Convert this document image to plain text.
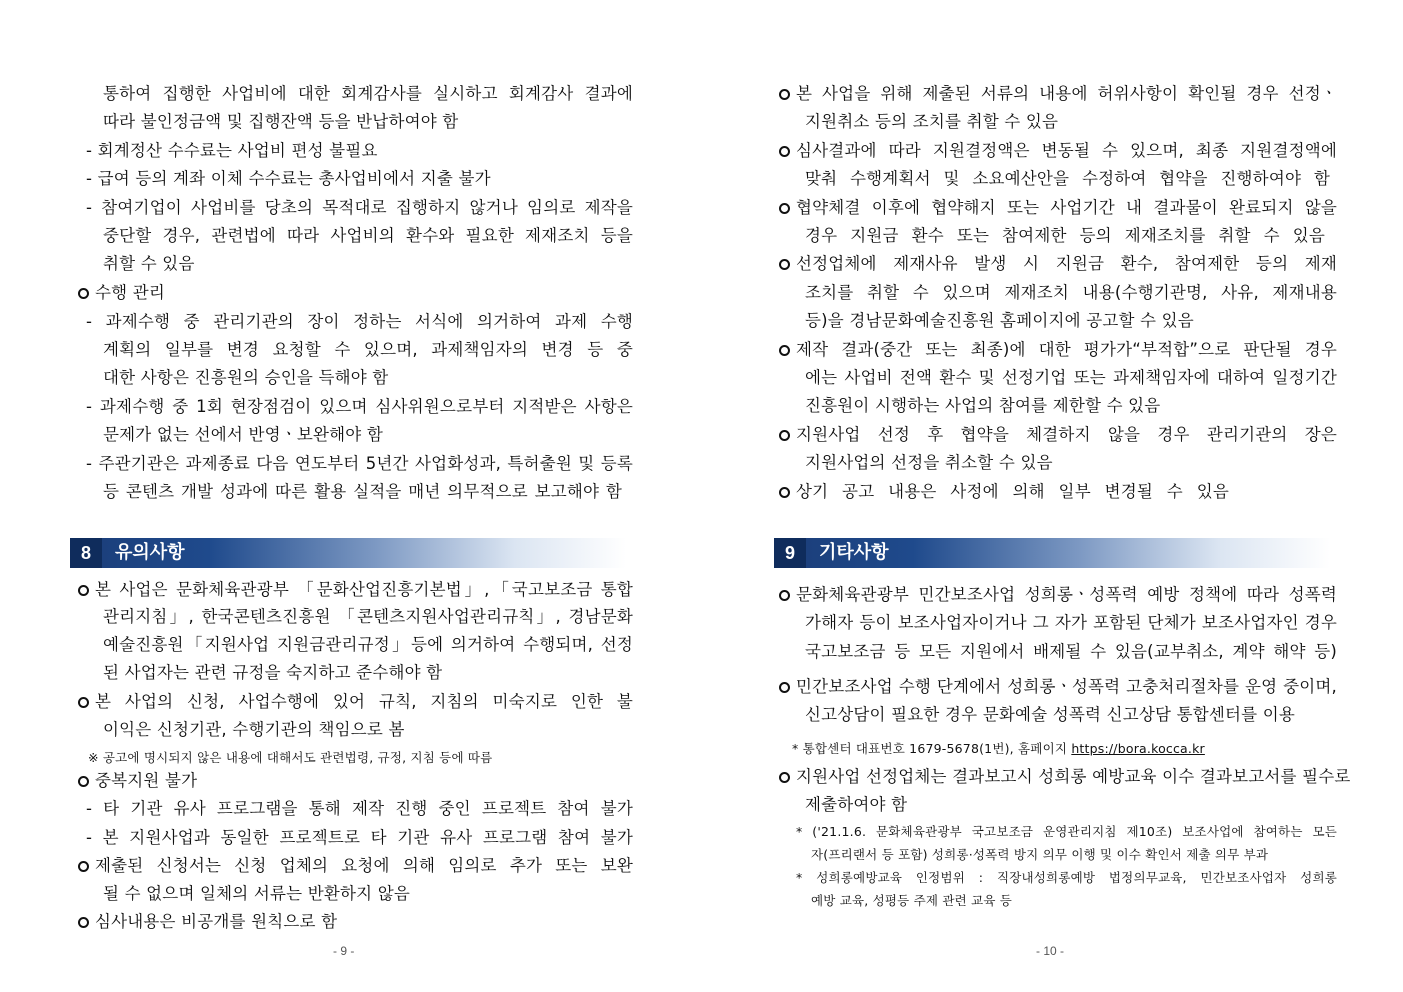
통하여 집행한 사업비에 대한 회계감사를 실시하고 회계감사 결과에
따라 불인정금액 및 집행잔액 등을 반납하여야 함
- 회계정산 수수료는 사업비 편성 불필요
- 급여 등의 계좌 이체 수수료는 총사업비에서 지출 불가
- 참여기업이 사업비를 당초의 목적대로 집행하지 않거나 임의로 제작을
중단할 경우, 관련법에 따라 사업비의 환수와 필요한 제재조치 등을
취할 수 있음
수행 관리
- 과제수행 중 관리기관의 장이 정하는 서식에 의거하여 과제 수행
계획의 일부를 변경 요청할 수 있으며, 과제책임자의 변경 등 중
대한 사항은 진흥원의 승인을 득해야 함
- 과제수행 중 1회 현장점검이 있으며 심사위원으로부터 지적받은 사항은
문제가 없는 선에서 반영ㆍ보완해야 함
- 주관기관은 과제종료 다음 연도부터 5년간 사업화성과, 특허출원 및 등록
등 콘텐츠 개발 성과에 따른 활용 실적을 매년 의무적으로 보고해야 함
8	유의사항
본 사업은 문화체육관광부 「문화산업진흥기본법」,「국고보조금 통합
관리지침」, 한국콘텐츠진흥원 「콘텐츠지원사업관리규칙」, 경남문화
예술진흥원「지원사업 지원금관리규정」등에 의거하여 수행되며, 선정
된 사업자는 관련 규정을 숙지하고 준수해야 함
본 사업의 신청, 사업수행에 있어 규칙, 지침의 미숙지로 인한 불
이익은 신청기관, 수행기관의 책임으로 봄
※ 공고에 명시되지 않은 내용에 대해서도 관련법령, 규정, 지침 등에 따름
중복지원 불가
- 타 기관 유사 프로그램을 통해 제작 진행 중인 프로젝트 참여 불가
- 본 지원사업과 동일한 프로젝트로 타 기관 유사 프로그램 참여 불가
제출된 신청서는 신청 업체의 요청에 의해 임의로 추가 또는 보완
될 수 없으며 일체의 서류는 반환하지 않음
심사내용은 비공개를 원칙으로 함
- 9 -
본 사업을 위해 제출된 서류의 내용에 허위사항이 확인될 경우 선정ㆍ
지원취소 등의 조치를 취할 수 있음
심사결과에 따라 지원결정액은 변동될 수 있으며, 최종 지원결정액에
맞춰 수행계획서 및 소요예산안을 수정하여 협약을 진행하여야 함
협약체결 이후에 협약해지 또는 사업기간 내 결과물이 완료되지 않을
경우 지원금 환수 또는 참여제한 등의 제재조치를 취할 수 있음
선정업체에 제재사유 발생 시 지원금 환수, 참여제한 등의 제재
조치를 취할 수 있으며 제재조치 내용(수행기관명, 사유, 제재내용
등)을 경남문화예술진흥원 홈페이지에 공고할 수 있음
제작 결과(중간 또는 최종)에 대한 평가가“부적합”으로 판단될 경우
에는 사업비 전액 환수 및 선정기업 또는 과제책임자에 대하여 일정기간
진흥원이 시행하는 사업의 참여를 제한할 수 있음
지원사업 선정 후 협약을 체결하지 않을 경우 관리기관의 장은
지원사업의 선정을 취소할 수 있음
상기 공고 내용은 사정에 의해 일부 변경될 수 있음
9	기타사항
문화체육관광부 민간보조사업 성희롱ㆍ성폭력 예방 정책에 따라 성폭력
가해자 등이 보조사업자이거나 그 자가 포함된 단체가 보조사업자인 경우
국고보조금 등 모든 지원에서 배제될 수 있음(교부취소, 계약 해약 등)
민간보조사업 수행 단계에서 성희롱ㆍ성폭력 고충처리절차를 운영 중이며,
신고상담이 필요한 경우 문화예술 성폭력 신고상담 통합센터를 이용
* 통합센터 대표번호 1679-5678(1번), 홈페이지 https://bora.kocca.kr
지원사업 선정업체는 결과보고시 성희롱 예방교육 이수 결과보고서를 필수로
제출하여야 함
* ('21.1.6. 문화체육관광부 국고보조금 운영관리지침 제10조) 보조사업에 참여하는 모든
자(프리랜서 등 포함) 성희롱·성폭력 방지 의무 이행 및 이수 확인서 제출 의무 부과
* 성희롱예방교육 인정범위 : 직장내성희롱예방 법정의무교육, 민간보조사업자 성희롱
예방 교육, 성평등 주제 관련 교육 등
- 10 -
